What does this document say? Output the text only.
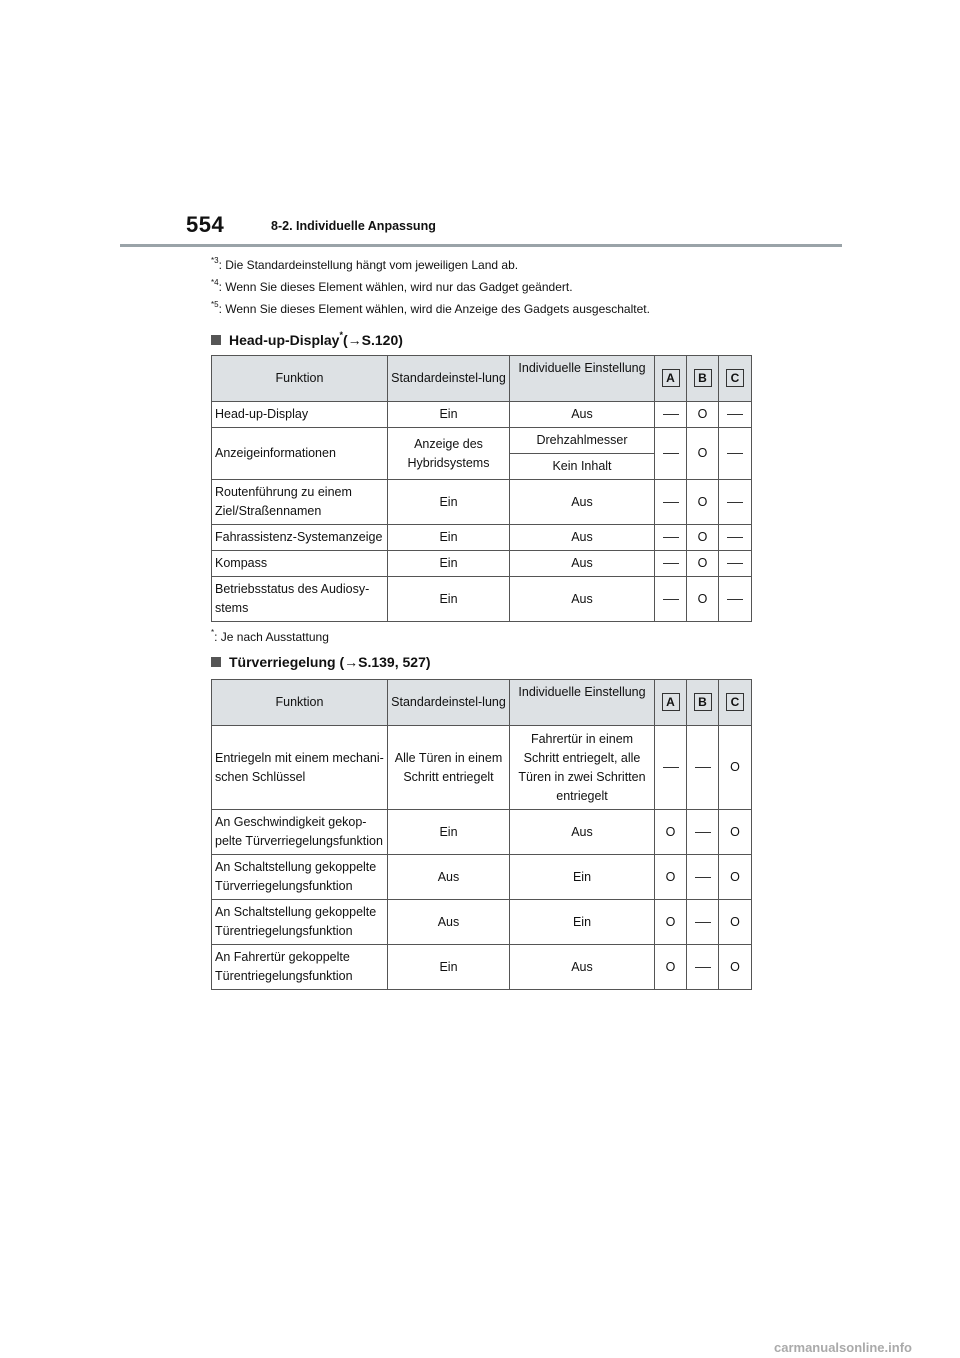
554	8-2. Individuelle Anpassung
$^{*3}$: Die Standardeinstellung hängt vom jeweiligen Land ab.
$^{*4}$: Wenn Sie dieses Element wählen, wird nur das Gadget geändert.
$^{*5}$: Wenn Sie dieses Element wählen, wird die Anzeige des Gadgets ausgeschaltet.
Head-up-Display*(→S.120)
Funktion	Standardeinstel-lung	Individuelle Einstellung	A	B	C
Head-up-Display	Ein	Aus		O	
Anzeigeinformationen	Anzeige des Hybridsystems	Drehzahlmesser		O	
		Kein Inhalt			
Routenführung zu einem Ziel/Straßennamen	Ein	Aus		O	
Fahrassistenz-Systemanzeige	Ein	Aus		O	
Kompass	Ein	Aus		O	
Betriebsstatus des Audiosy-stems	Ein	Aus		O	
*: Je nach Ausstattung
Türverriegelung (→S.139, 527)
Funktion	Standardeinstel-lung	Individuelle Einstellung	A	B	C
Entriegeln mit einem mechani-schen Schlüssel	Alle Türen in einem Schritt entriegelt	Fahrertür in einem Schritt entriegelt, alle Türen in zwei Schritten entriegelt			O
An Geschwindigkeit gekop-pelte Türverriegelungsfunktion	Ein	Aus	O		O
An Schaltstellung gekoppelte Türverriegelungsfunktion	Aus	Ein	O		O
An Schaltstellung gekoppelte Türentriegelungsfunktion	Aus	Ein	O		O
An Fahrertür gekoppelte Türentriegelungsfunktion	Ein	Aus	O		O
carmanualsonline.info
